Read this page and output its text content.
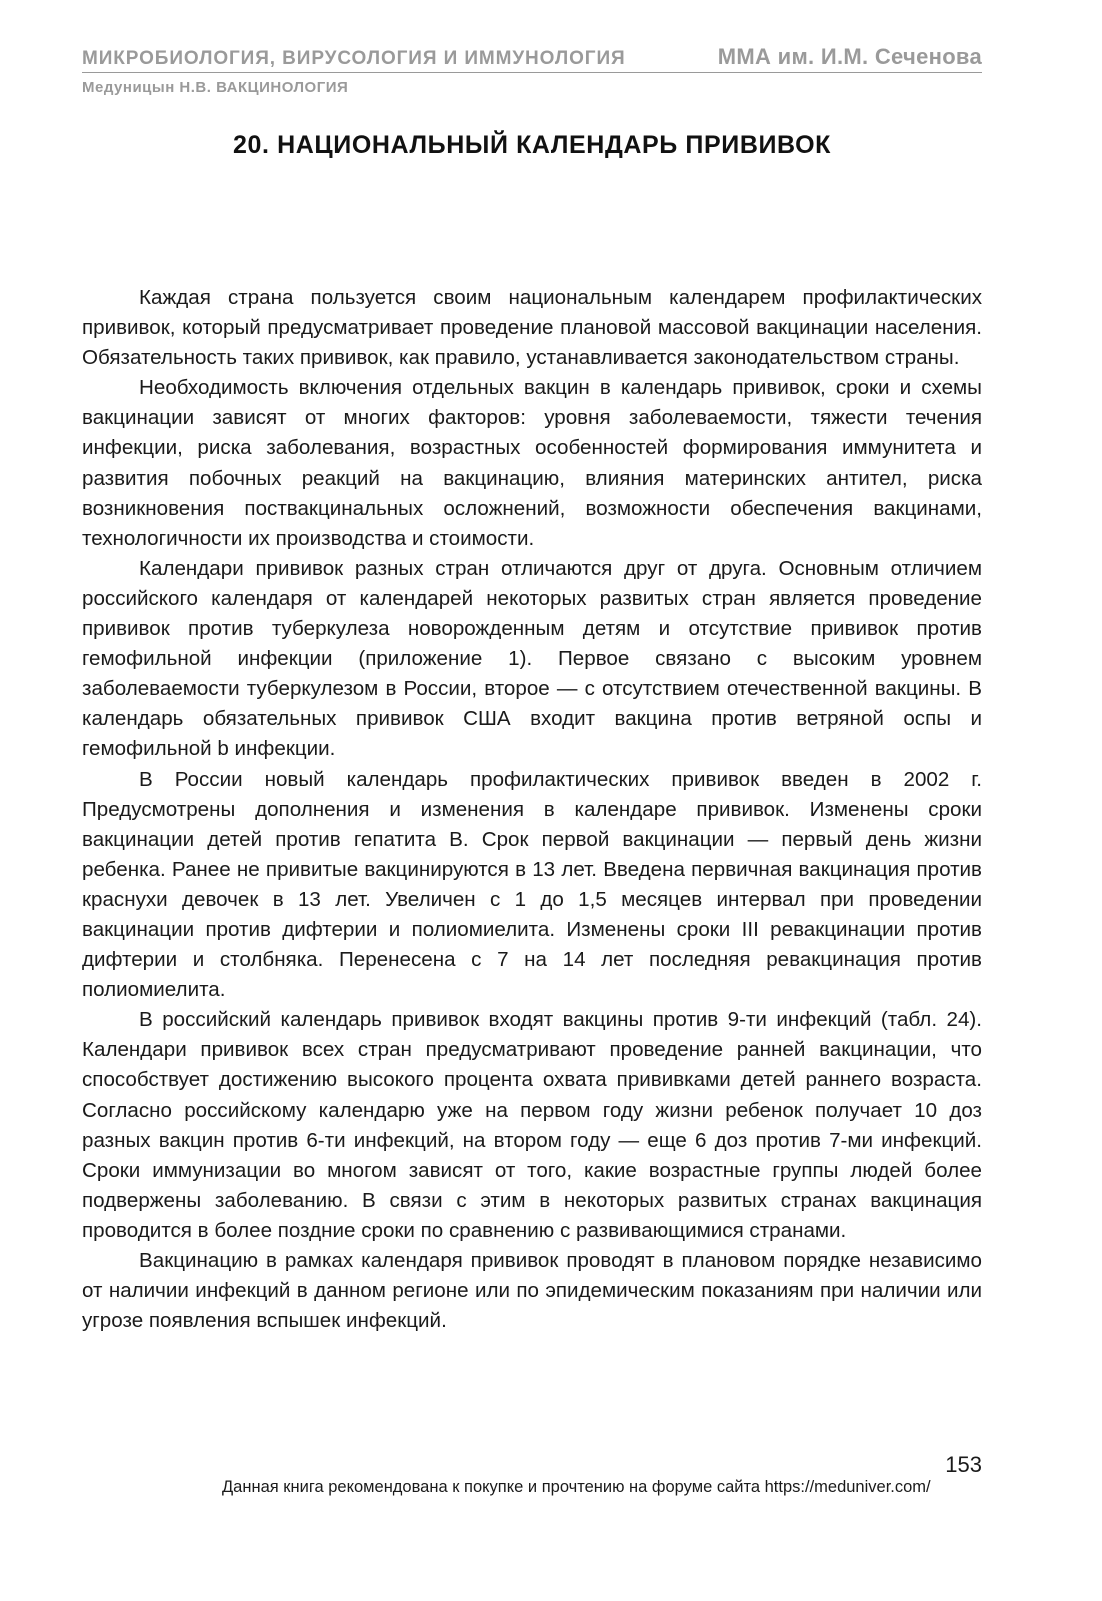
МИКРОБИОЛОГИЯ, ВИРУСОЛОГИЯ И ИММУНОЛОГИЯ	ММА им. И.М. Сеченова
Медуницын Н.В. ВАКЦИНОЛОГИЯ
20. НАЦИОНАЛЬНЫЙ КАЛЕНДАРЬ ПРИВИВОК

Каждая страна пользуется своим национальным календарем профилактических прививок, который предусматривает проведение плановой массовой вакцинации населения. Обязательность таких прививок, как правило, устанавливается законодательством страны.

Необходимость включения отдельных вакцин в календарь прививок, сроки и схемы вакцинации зависят от многих факторов: уровня заболеваемости, тяжести течения инфекции, риска заболевания, возрастных особенностей формирования иммунитета и развития побочных реакций на вакцинацию, влияния материнских антител, риска возникновения поствакцинальных осложнений, возможности обеспечения вакцинами, технологичности их производства и стоимости.

Календари прививок разных стран отличаются друг от друга. Основным отличием российского календаря от календарей некоторых развитых стран является проведение прививок против туберкулеза новорожденным детям и отсутствие прививок против гемофильной инфекции (приложение 1). Первое связано с высоким уровнем заболеваемости туберкулезом в России, второе — с отсутствием отечественной вакцины. В календарь обязательных прививок США входит вакцина против ветряной оспы и гемофильной b инфекции.

В России новый календарь профилактических прививок введен в 2002 г. Предусмотрены дополнения и изменения в календаре прививок. Изменены сроки вакцинации детей против гепатита В. Срок первой вакцинации — первый день жизни ребенка. Ранее не привитые вакцинируются в 13 лет. Введена первичная вакцинация против краснухи девочек в 13 лет. Увеличен с 1 до 1,5 месяцев интервал при проведении вакцинации против дифтерии и полиомиелита. Изменены сроки III ревакцинации против дифтерии и столбняка. Перенесена с 7 на 14 лет последняя ревакцинация против полиомиелита.

В российский календарь прививок входят вакцины против 9-ти инфекций (табл. 24). Календари прививок всех стран предусматривают проведение ранней вакцинации, что способствует достижению высокого процента охвата прививками детей раннего возраста. Согласно российскому календарю уже на первом году жизни ребенок получает 10 доз разных вакцин против 6-ти инфекций, на втором году — еще 6 доз против 7-ми инфекций. Сроки иммунизации во многом зависят от того, какие возрастные группы людей более подвержены заболеванию. В связи с этим в некоторых развитых странах вакцинация проводится в более поздние сроки по сравнению с развивающимися странами.

Вакцинацию в рамках календаря прививок проводят в плановом порядке независимо от наличии инфекций в данном регионе или по эпидемическим показаниям при наличии или угрозе появления вспышек инфекций.

153
Данная книга рекомендована к покупке и прочтению на форуме сайта https://meduniver.com/
